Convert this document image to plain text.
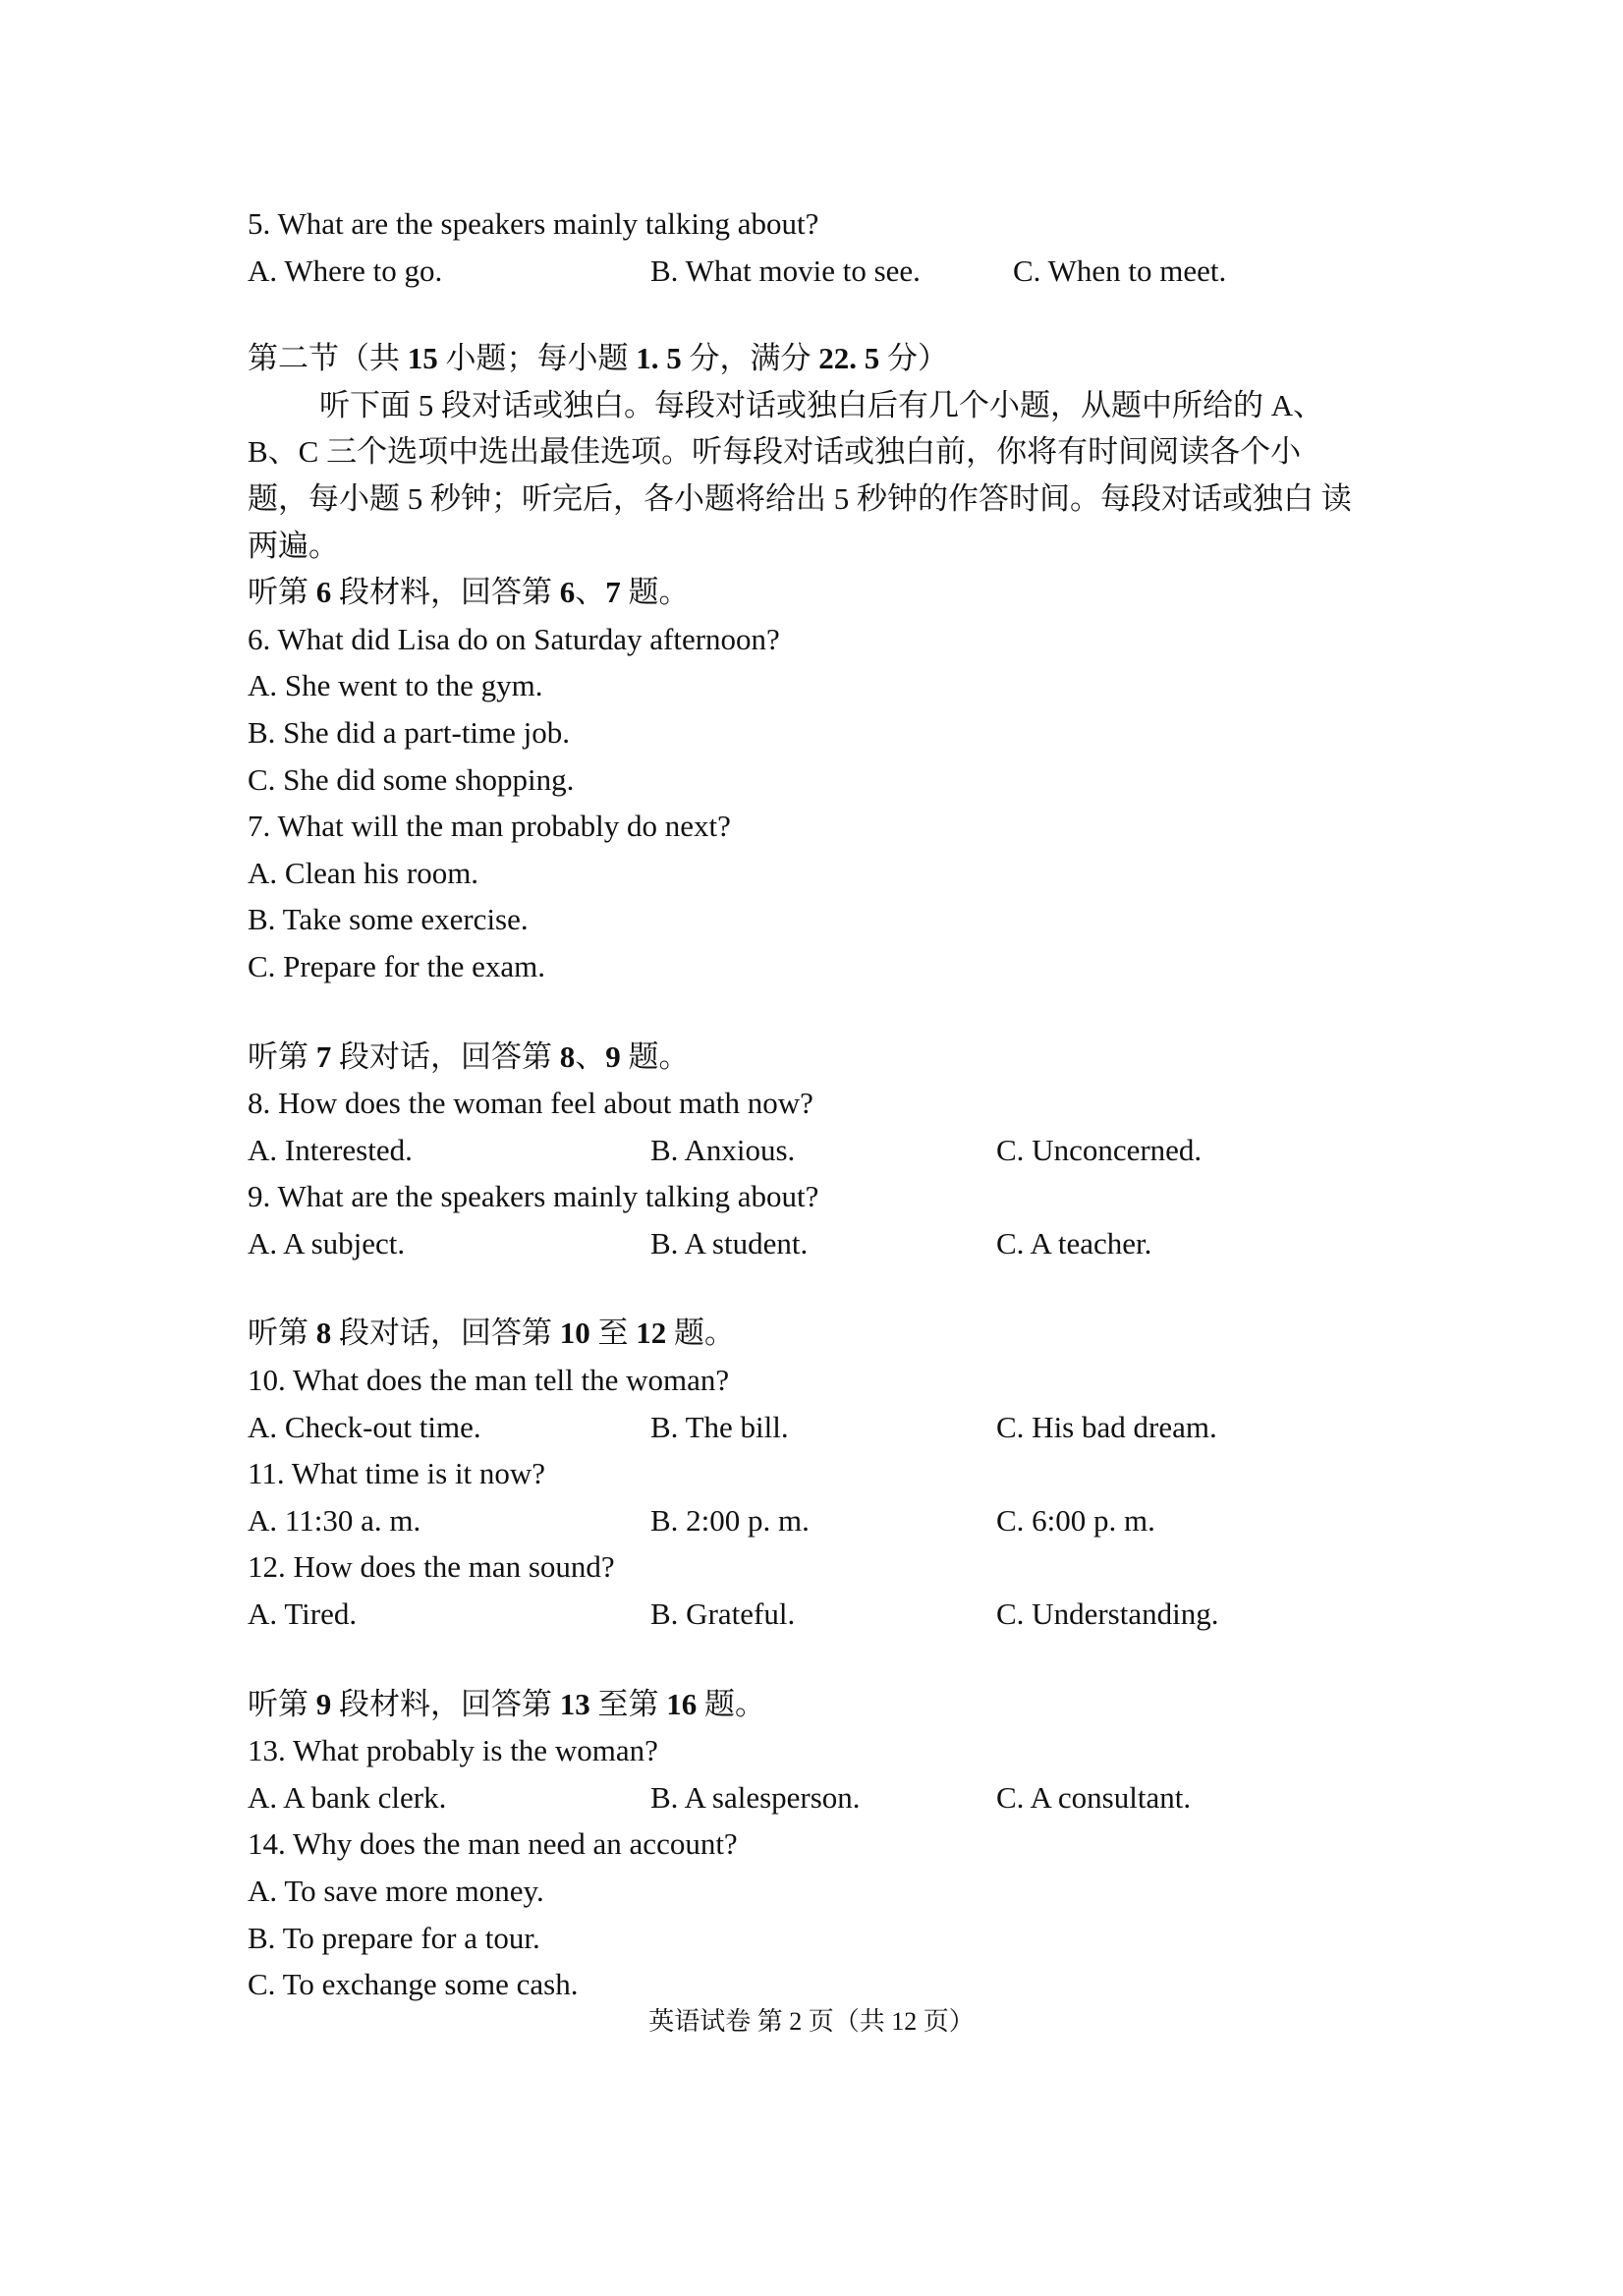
5. What are the speakers mainly talking about?
A. Where to go.	B. What movie to see.	C. When to meet.
第二节（共 15 小题；每小题 1. 5 分，满分 22. 5 分）
听下面 5 段对话或独白。每段对话或独白后有几个小题，从题中所给的 A、
B、C 三个选项中选出最佳选项。听每段对话或独白前，你将有时间阅读各个小
题，每小题 5 秒钟；听完后，各小题将给出 5 秒钟的作答时间。每段对话或独白 读
两遍。
听第 6 段材料，回答第 6、7 题。
6. What did Lisa do on Saturday afternoon?
A. She went to the gym.
B. She did a part-time job.
C. She did some shopping.
7. What will the man probably do next?
A. Clean his room.
B. Take some exercise.
C. Prepare for the exam.
听第 7 段对话，回答第 8、9 题。
8. How does the woman feel about math now?
A. Interested.	B. Anxious.	C. Unconcerned.
9. What are the speakers mainly talking about?
A. A subject.	B. A student.	C. A teacher.
听第 8 段对话，回答第 10 至 12 题。
10. What does the man tell the woman?
A. Check-out time.	B. The bill.	C. His bad dream.
11. What time is it now?
A. 11:30 a. m.	B. 2:00 p. m.	C. 6:00 p. m.
12. How does the man sound?
A. Tired.	B. Grateful.	C. Understanding.
听第 9 段材料，回答第 13 至第 16 题。
13. What probably is the woman?
A. A bank clerk.	B. A salesperson.	C. A consultant.
14. Why does the man need an account?
A. To save more money.
B. To prepare for a tour.
C. To exchange some cash.
英语试卷 第 2 页（共 12 页）
